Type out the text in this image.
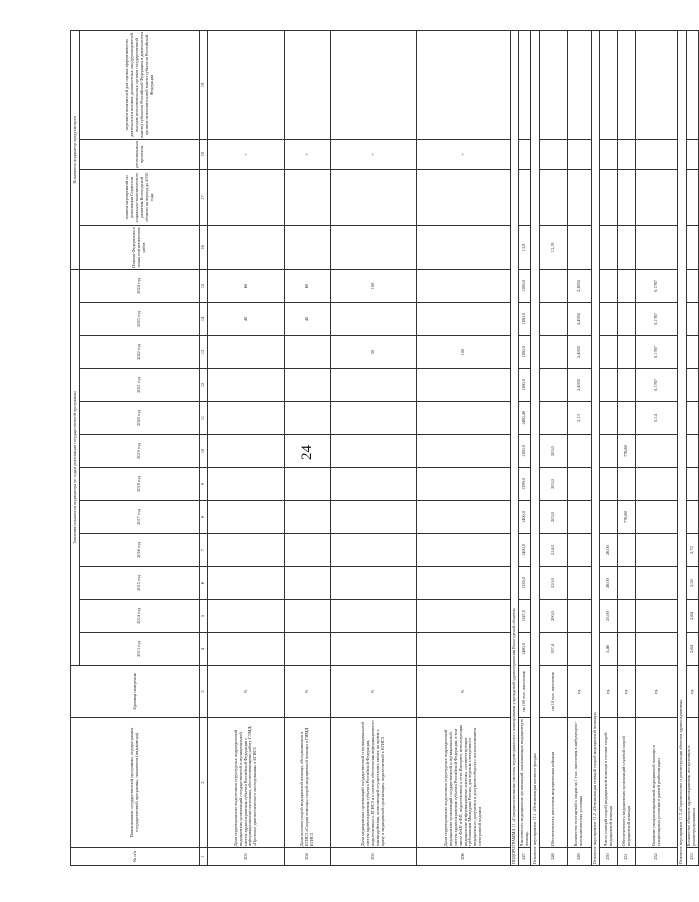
24
№ п/п	Наименование государственной программы, подпрограммы государственной программы, показателя (индикатора)	Единица измерения	Значения показателя индикатора по годам реализации государственной программы												Показатель индикатор предусмотрен			
			2013 год	2014 год	2015 год	2016 год	2017 год	2018 год	2019 год	2020 год	2021 год	2022 год	2023 год	2024 год	Планом Федерального плана статистических работ	планом мероприятий по реализации Стратегии социально-экономического развития Вологодской области на период до 2030 года	региональным проектом	перечнем показателей для оценки эффективности деятельности высших должностных лиц (руководителей высших исполнительных органов государственной власти) субъектов Российской Федерации и деятельности органов исполнительной власти субъектов Российской Федерации
1	2	3	4	5	6	7	8	9	10	11	12	13	14	15	16	17	18	19
203	Доля территориально выделенных структурных подразделений медицинских организаций государственной и муниципальной систем здравоохранения субъекта Российской Федерации с информационными системами, обеспечивающими работу СЭМД, «Протокол диагностического исследования» в ЕГИСЗ	%											40	60			+	
204	Доля вызовов скорой медицинской помощи, обслуживаемых в ЕГИСЗ «Скорая помощь» скорой медицинской помощи в ГИМД ЕГИСЗ	%											40	60			+	
205	Доля медицинских организаций государственной и муниципальной систем здравоохранения субъекта Российской Федерации, подключенных к ЕГИСЗ и к системе обеспечения информационного взаимодействия, позволяющей осуществлять запись на прием к врачу в медицинской организации, подключенной к ЕГИСЗ	%										50		100			+	
206	Доля территориально выделенных структурных подразделений медицинских организаций государственной и муниципальной систем здравоохранения субъекта Российской Федерации, в том числе ФАП и ФП, подключенных к сети Интернет, использующих медицинские информационные системы, соответствующие требованиям Минздрава России, для ведения электронного медицинского документа и документооборота с использованием электронной подписи	%										100					+	
ПОДПРОГРАММА 11 «Совершенствование системы территориального планирования учреждений здравоохранения Вологодской области»																		
247	Численность медицинских организаций, оказывающих медицинскую помощь	на 100 тыс. населения	1480,0	1347,0	1339,0	1400,0	1400,0	1399,0	1385,0	1480,40	1380,0	1380,0	1380,0	1380,0	13,9			
Основное мероприятие 11.1 «Оптимизация коечного фонда»																		
248	Обеспеченность населения медицинскими койками	на 10 тыс. населения	197,4	200,0	210,0	214,0	203,0	203,0	203,0						13,19			
249	Количество посещений к лицам на 1 тыс. населения в амбулаторно-поликлинических условиях	ед.								2,13	2,4955	2,4955	2,4955	2,4955				
Основное мероприятие 11.2 «Оптимизация станций скорой медицинской помощи»																		
250	Число станций скорой медицинской помощи в составе скорой медицинской помощи	ед.	5,46	25,00	26,00	26,00												
251	Обеспеченность медицинских организаций службой скорой медицинской помощи	ед.					776,60		776,60									
252	Оказание специализированной медицинской помощи в стационарных условиях в ранней реабилитации	ед.								0,14	0,1767	0,1767	0,1767	0,1767				
Основное мероприятие 11.3 «Строительство и реконструкция объектов здравоохранения»																		
253	Количество объектов здравоохранения, построенных и реконструированных	ед.	2,64	2,64	2,50	2,72												
